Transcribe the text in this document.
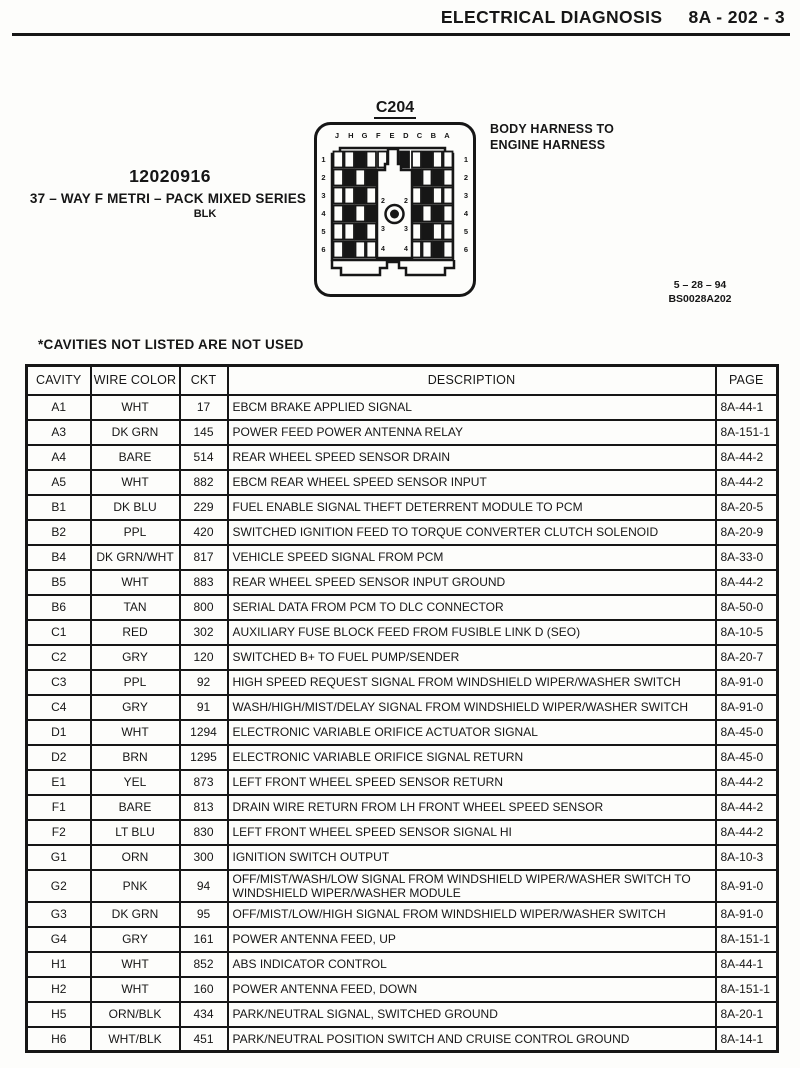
ELECTRICAL DIAGNOSIS 8A - 202 - 3
C204
J H G F E D C B A
1
2
3
4
5
6
1
2
3
4
5
6
2	2
3	3
4	4
BODY HARNESS TO
ENGINE HARNESS
12020916
37 – WAY F METRI – PACK MIXED SERIES
BLK
5 – 28 – 94
BS0028A202
*CAVITIES NOT LISTED ARE NOT USED
CAVITY	WIRE COLOR	CKT	DESCRIPTION	PAGE
A1	WHT	17	EBCM BRAKE APPLIED SIGNAL	8A-44-1
A3	DK GRN	145	POWER FEED POWER ANTENNA RELAY	8A-151-1
A4	BARE	514	REAR WHEEL SPEED SENSOR DRAIN	8A-44-2
A5	WHT	882	EBCM REAR WHEEL SPEED SENSOR INPUT	8A-44-2
B1	DK BLU	229	FUEL ENABLE SIGNAL THEFT DETERRENT MODULE TO PCM	8A-20-5
B2	PPL	420	SWITCHED IGNITION FEED TO TORQUE CONVERTER CLUTCH SOLENOID	8A-20-9
B4	DK GRN/WHT	817	VEHICLE SPEED SIGNAL FROM PCM	8A-33-0
B5	WHT	883	REAR WHEEL SPEED SENSOR INPUT GROUND	8A-44-2
B6	TAN	800	SERIAL DATA FROM PCM TO DLC CONNECTOR	8A-50-0
C1	RED	302	AUXILIARY FUSE BLOCK FEED FROM FUSIBLE LINK D (SEO)	8A-10-5
C2	GRY	120	SWITCHED B+ TO FUEL PUMP/SENDER	8A-20-7
C3	PPL	92	HIGH SPEED REQUEST SIGNAL FROM WINDSHIELD WIPER/WASHER SWITCH	8A-91-0
C4	GRY	91	WASH/HIGH/MIST/DELAY SIGNAL FROM WINDSHIELD WIPER/WASHER SWITCH	8A-91-0
D1	WHT	1294	ELECTRONIC VARIABLE ORIFICE ACTUATOR SIGNAL	8A-45-0
D2	BRN	1295	ELECTRONIC VARIABLE ORIFICE SIGNAL RETURN	8A-45-0
E1	YEL	873	LEFT FRONT WHEEL SPEED SENSOR RETURN	8A-44-2
F1	BARE	813	DRAIN WIRE RETURN FROM LH FRONT WHEEL SPEED SENSOR	8A-44-2
F2	LT BLU	830	LEFT FRONT WHEEL SPEED SENSOR SIGNAL HI	8A-44-2
G1	ORN	300	IGNITION SWITCH OUTPUT	8A-10-3
G2	PNK	94	OFF/MIST/WASH/LOW SIGNAL FROM WINDSHIELD WIPER/WASHER SWITCH TO WINDSHIELD WIPER/WASHER MODULE	8A-91-0
G3	DK GRN	95	OFF/MIST/LOW/HIGH SIGNAL FROM WINDSHIELD WIPER/WASHER SWITCH	8A-91-0
G4	GRY	161	POWER ANTENNA FEED, UP	8A-151-1
H1	WHT	852	ABS INDICATOR CONTROL	8A-44-1
H2	WHT	160	POWER ANTENNA FEED, DOWN	8A-151-1
H5	ORN/BLK	434	PARK/NEUTRAL SIGNAL, SWITCHED GROUND	8A-20-1
H6	WHT/BLK	451	PARK/NEUTRAL POSITION SWITCH AND CRUISE CONTROL GROUND	8A-14-1
